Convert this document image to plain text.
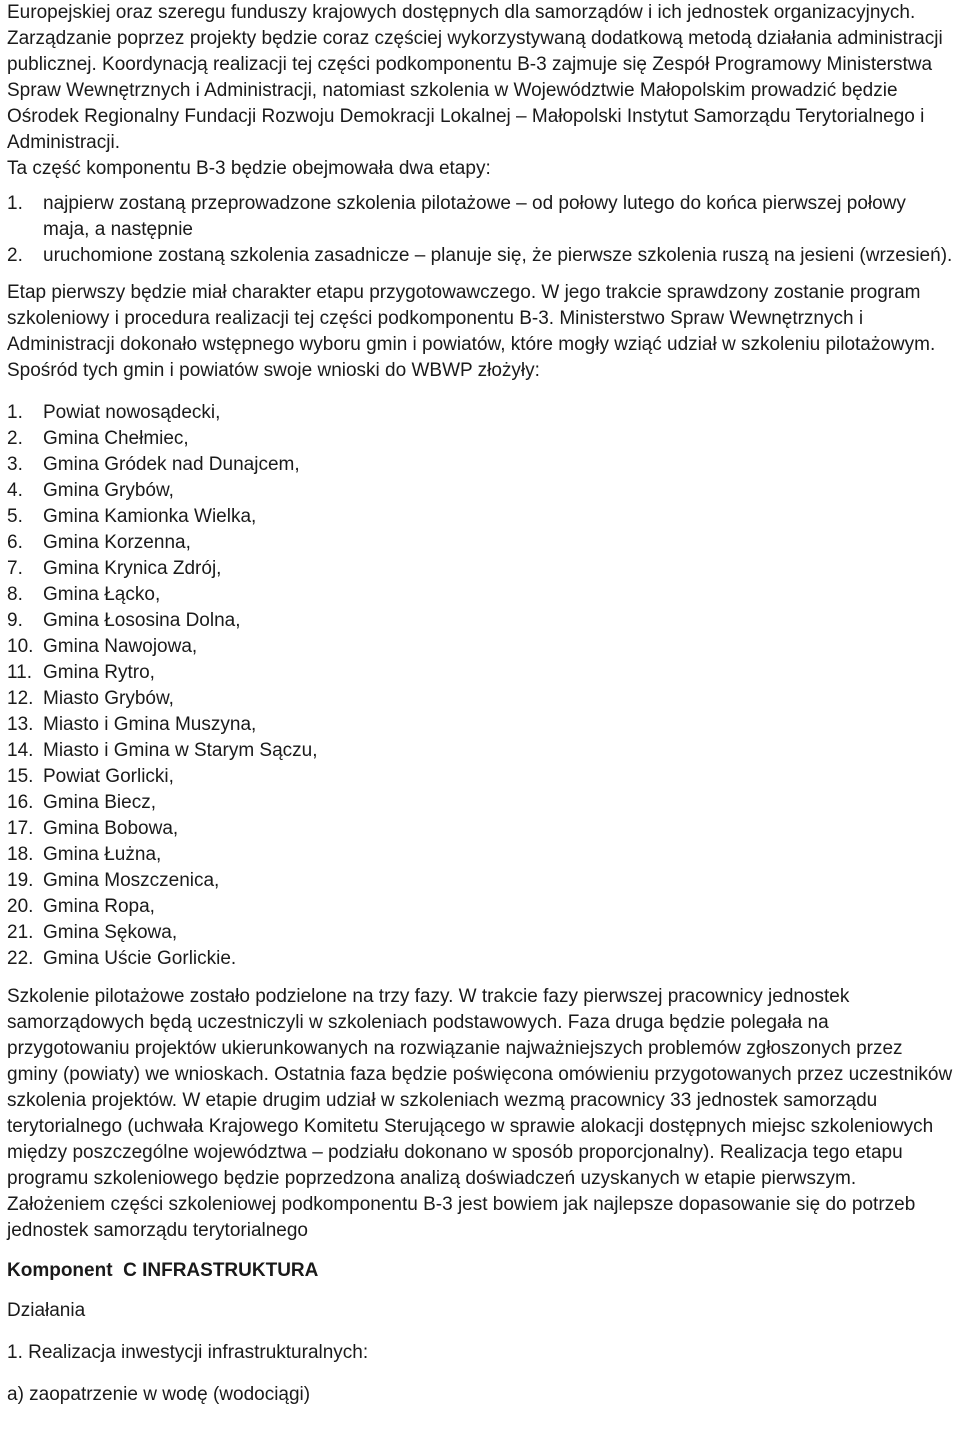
Europejskiej oraz szeregu funduszy krajowych dostępnych dla samorządów i ich jednostek organizacyjnych. Zarządzanie poprzez projekty będzie coraz częściej wykorzystywaną dodatkową metodą działania administracji publicznej. Koordynacją realizacji tej części podkomponentu B-3 zajmuje się Zespół Programowy Ministerstwa Spraw Wewnętrznych i Administracji, natomiast szkolenia w Województwie Małopolskim prowadzić będzie Ośrodek Regionalny Fundacji Rozwoju Demokracji Lokalnej – Małopolski Instytut Samorządu Terytorialnego i Administracji.

Ta część komponentu B-3 będzie obejmowała dwa etapy:

1.	najpierw zostaną przeprowadzone szkolenia pilotażowe – od połowy lutego do końca pierwszej połowy maja, a następnie
2.	uruchomione zostaną szkolenia zasadnicze – planuje się, że pierwsze szkolenia ruszą na jesieni (wrzesień).

Etap pierwszy będzie miał charakter etapu przygotowawczego. W jego trakcie sprawdzony zostanie program szkoleniowy i procedura realizacji tej części podkomponentu B-3. Ministerstwo Spraw Wewnętrznych i Administracji dokonało wstępnego wyboru gmin i powiatów, które mogły wziąć udział w szkoleniu pilotażowym.

Spośród tych gmin i powiatów swoje wnioski do WBWP złożyły:

1.	Powiat nowosądecki,
2.	Gmina Chełmiec,
3.	Gmina Gródek nad Dunajcem,
4.	Gmina Grybów,
5.	Gmina Kamionka Wielka,
6.	Gmina Korzenna,
7.	Gmina Krynica Zdrój,
8.	Gmina Łącko,
9.	Gmina Łososina Dolna,
10. Gmina Nawojowa,
11. Gmina Rytro,
12. Miasto Grybów,
13. Miasto i Gmina Muszyna,
14. Miasto i Gmina w Starym Sączu,
15. Powiat Gorlicki,
16. Gmina Biecz,
17. Gmina Bobowa,
18. Gmina Łużna,
19. Gmina Moszczenica,
20. Gmina Ropa,
21. Gmina Sękowa,
22. Gmina Uście Gorlickie.

Szkolenie pilotażowe zostało podzielone na trzy fazy. W trakcie fazy pierwszej pracownicy jednostek samorządowych będą uczestniczyli w szkoleniach podstawowych. Faza druga będzie polegała na przygotowaniu projektów ukierunkowanych na rozwiązanie najważniejszych problemów zgłoszonych przez gminy (powiaty) we wnioskach. Ostatnia faza będzie poświęcona omówieniu przygotowanych przez uczestników szkolenia projektów. W etapie drugim udział w szkoleniach wezmą pracownicy 33 jednostek samorządu terytorialnego (uchwała Krajowego Komitetu Sterującego w sprawie alokacji dostępnych miejsc szkoleniowych między poszczególne województwa – podziału dokonano w sposób proporcjonalny). Realizacja tego etapu programu szkoleniowego będzie poprzedzona analizą doświadczeń uzyskanych w etapie pierwszym. Założeniem części szkoleniowej podkomponentu B-3 jest bowiem jak najlepsze dopasowanie się do potrzeb jednostek samorządu terytorialnego

Komponent  C INFRASTRUKTURA

Działania

1. Realizacja inwestycji infrastrukturalnych:

a) zaopatrzenie w wodę (wodociągi)
